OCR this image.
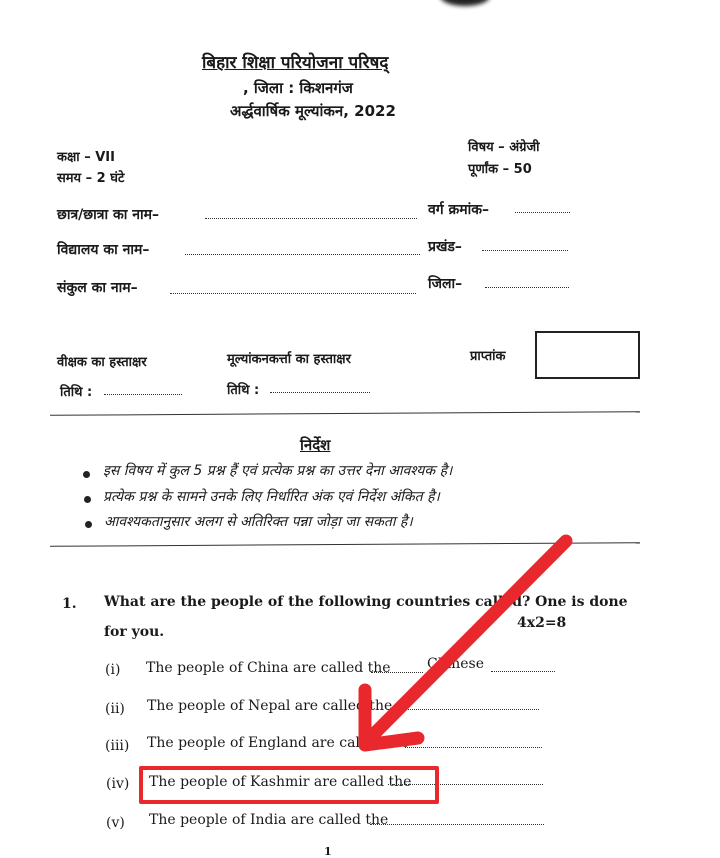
बिहार शिक्षा परियोजना परिषद्
, जिला : किशनगंज
अर्द्धवार्षिक मूल्यांकन, 2022
कक्षा – VII
समय – 2 घंटे
विषय – अंग्रेजी
पूर्णांक – 50
छात्र/छात्रा का नाम–	वर्ग क्रमांक–
विद्यालय का नाम–	प्रखंड–
संकुल का नाम–	जिला–
वीक्षक का हस्ताक्षर	मूल्यांकनकर्त्ता का हस्ताक्षर	प्राप्तांक
तिथि :	तिथि :
निर्देश
इस विषय में कुल 5 प्रश्न हैं एवं प्रत्येक प्रश्न का उत्तर देना आवश्यक है।
प्रत्येक प्रश्न के सामने उनके लिए निर्धारित अंक एवं निर्देश अंकित है।
आवश्यकतानुसार अलग से अतिरिक्त पन्ना जोड़ा जा सकता है।
1. What are the people of the following countries called? One is done
for you.
4x2=8
(i) The people of China are called the	Chinese
(ii) The people of Nepal are called the
(iii) The people of England are called the
(iv) The people of Kashmir are called the
(v) The people of India are called the
1
